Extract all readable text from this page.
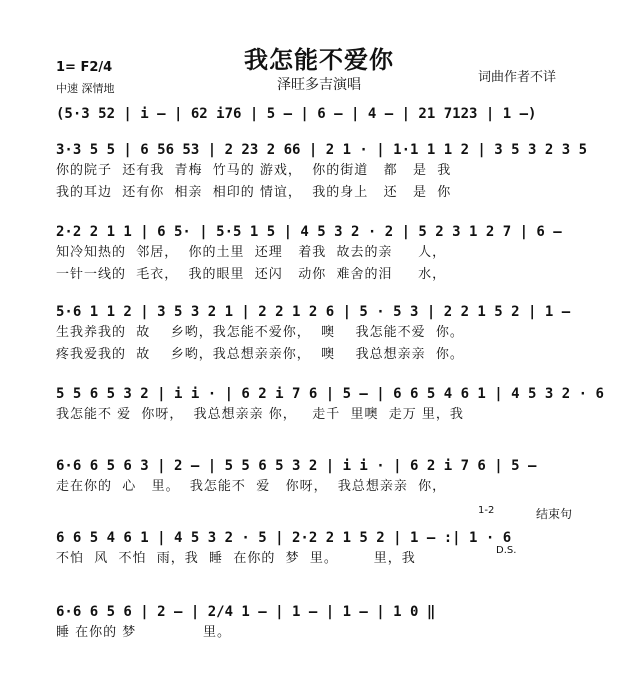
我怎能不爱你
泽旺多吉演唱
1= F2/4
中速 深情地
词曲作者不详
(5·3 52 | i – | 62 i76 | 5 – | 6 – | 4 – | 21 7123 | 1 –)
3·3 5 5 | 6 56 53 | 2 23 2 66 | 2 1 · | 1·1 1 1 2 | 3 5 3 2 3 5
你的院子  还有我  青梅  竹马的 游戏，  你的街道   都   是  我
我的耳边  还有你  相亲  相印的 情谊，  我的身上   还   是  你
2·2 2 1 1 | 6 5· | 5·5 1 5 | 4 5 3 2 · 2 | 5 2 3 1 2 7 | 6 –
知冷知热的  邻居，  你的土里  还理   着我  故去的亲     人，
一针一线的  毛衣，  我的眼里  还闪   动你  难舍的泪     水，
5·6 1 1 2 | 3 5 3 2 1 | 2 2 1 2 6 | 5 · 5 3 | 2 2 1 5 2 | 1 –
生我养我的  故    乡哟，我怎能不爱你，  噢    我怎能不爱  你。
疼我爱我的  故    乡哟，我总想亲亲你，  噢    我总想亲亲  你。
5 5 6 5 3 2 | i i · | 6 2 i 7 6 | 5 – | 6 6 5 4 6 1 | 4 5 3 2 · 6
我怎能不 爱  你呀，  我总想亲亲 你，   走千  里噢  走万 里，我
6·6 6 5 6 3 | 2 – | 5 5 6 5 3 2 | i i · | 6 2 i 7 6 | 5 –
走在你的  心   里。  我怎能不  爱   你呀，  我总想亲亲  你，
6 6 5 4 6 1 | 4 5 3 2 · 5 | 2·2 2 1 5 2 | 1 – :| 1 · 6
不怕  风  不怕  雨，我  睡  在你的  梦  里。       里，我
6·6 6 5 6 | 2 – | 2/4 1 – | 1 – | 1 – | 1 0 ‖
睡 在你的 梦             里。
1-2	结束句
D.S.
